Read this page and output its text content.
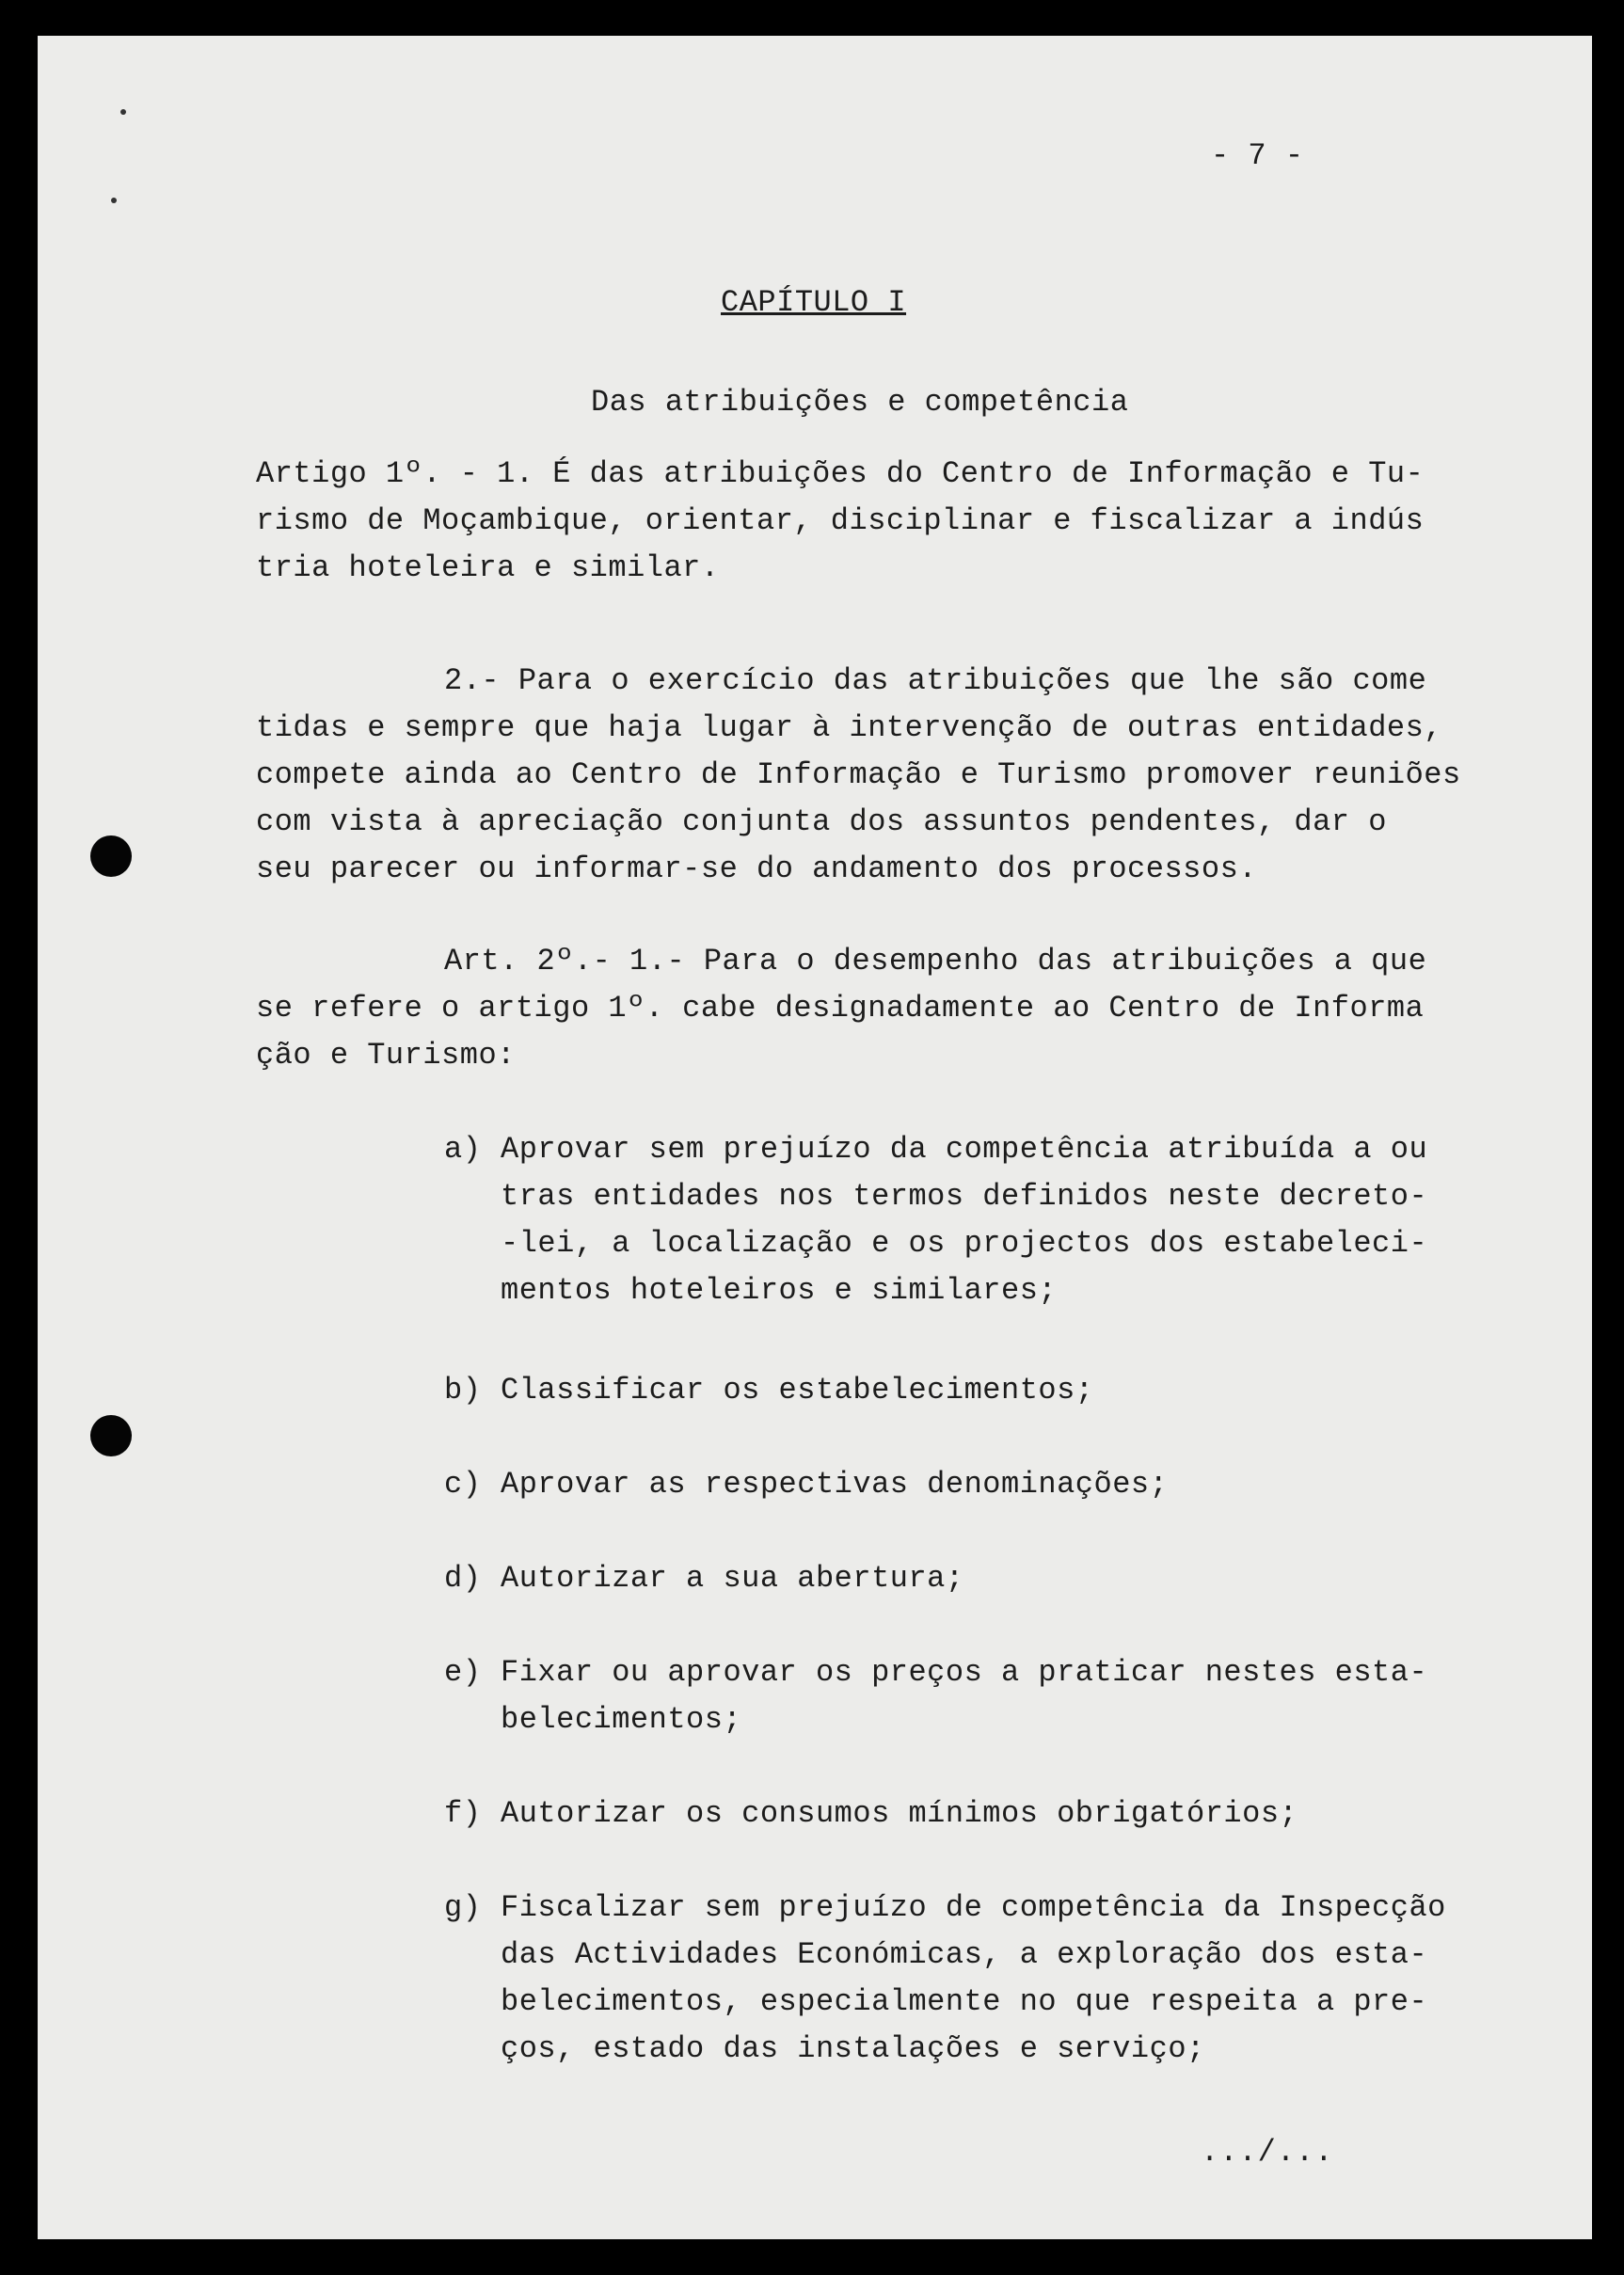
- 7 -
CAPÍTULO I
Das atribuições e competência
Artigo 1º. - 1. É das atribuições do Centro de Informação e Tu-
rismo de Moçambique, orientar, disciplinar e fiscalizar a indús
tria hoteleira e similar.
2.- Para o exercício das atribuições que lhe são come
tidas e sempre que haja lugar à intervenção de outras entidades,
compete ainda ao Centro de Informação e Turismo promover reuniões
com vista à apreciação conjunta dos assuntos pendentes, dar o
seu parecer ou informar-se do andamento dos processos.
Art. 2º.- 1.- Para o desempenho das atribuições a que
se refere o artigo 1º. cabe designadamente ao Centro de Informa
ção e Turismo:
a) Aprovar sem prejuízo da competência atribuída a ou
tras entidades nos termos definidos neste decreto-
-lei, a localização e os projectos dos estabeleci-
mentos hoteleiros e similares;
b) Classificar os estabelecimentos;
c) Aprovar as respectivas denominações;
d) Autorizar a sua abertura;
e) Fixar ou aprovar os preços a praticar nestes esta-
belecimentos;
f) Autorizar os consumos mínimos obrigatórios;
g) Fiscalizar sem prejuízo de competência da Inspecção
das Actividades Económicas, a exploração dos esta-
belecimentos, especialmente no que respeita a pre-
ços, estado das instalações e serviço;
.../...
